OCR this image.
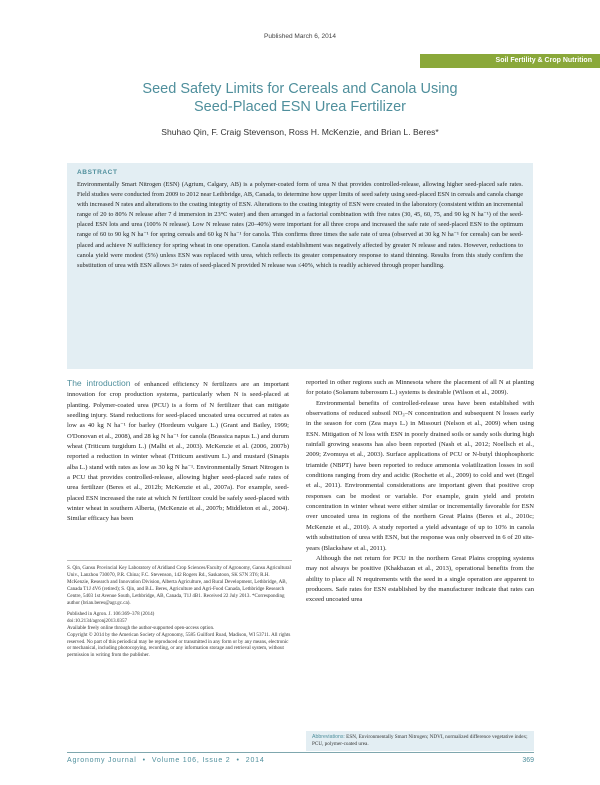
Published March 6, 2014
Soil Fertility & Crop Nutrition
Seed Safety Limits for Cereals and Canola Using
Seed-Placed ESN Urea Fertilizer
Shuhao Qin, F. Craig Stevenson, Ross H. McKenzie, and Brian L. Beres*
ABSTRACT
Environmentally Smart Nitrogen (ESN) (Agrium, Calgary, AB) is a polymer-coated form of urea N that provides controlled-release, allowing higher seed-placed safe rates. Field studies were conducted from 2009 to 2012 near Lethbridge, AB, Canada, to determine how upper limits of seed safety using seed-placed ESN in cereals and canola change with increased N rates and alterations to the coating integrity of ESN. Alterations to the coating integrity of ESN were created in the laboratory (consistent within an incremental range of 20 to 80% N release after 7 d immersion in 23°C water) and then arranged in a factorial combination with five rates (30, 45, 60, 75, and 90 kg N ha⁻¹) of the seed-placed ESN lots and urea (100% N release). Low N release rates (20–40%) were important for all three crops and increased the safe rate of seed-placed ESN to the optimum range of 60 to 90 kg N ha⁻¹ for spring cereals and 60 kg N ha⁻¹ for canola. This confirms three times the safe rate of urea (observed at 30 kg N ha⁻¹ for cereals) can be seed-placed and achieve N sufficiency for spring wheat in one operation. Canola stand establishment was negatively affected by greater N release and rates. However, reductions to canola yield were modest (5%) unless ESN was replaced with urea, which reflects its greater compensatory response to stand thinning. Results from this study confirm the substitution of urea with ESN allows 3× rates of seed-placed N provided N release was ≤40%, which is readily achieved through proper handling.

The introduction of enhanced efficiency N fertilizers are an important innovation for crop production systems, particularly when N is seed-placed at planting. Polymer-coated urea (PCU) is a form of N fertilizer that can mitigate seedling injury. Stand reductions for seed-placed uncoated urea occurred at rates as low as 40 kg N ha⁻¹ for barley (Hordeum vulgare L.) (Grant and Bailey, 1999; O'Donovan et al., 2008), and 28 kg N ha⁻¹ for canola (Brassica napus L.) and durum wheat (Triticum turgidum L.) (Malhi et al., 2003). McKenzie et al. (2006, 2007b) reported a reduction in winter wheat (Triticum aestivum L.) and mustard (Sinapis alba L.) stand with rates as low as 30 kg N ha⁻¹. Environmentally Smart Nitrogen is a PCU that provides controlled-release, allowing higher seed-placed safe rates of urea fertilizer (Beres et al., 2012b; McKenzie et al., 2007a). For example, seed-placed ESN increased the rate at which N fertilizer could be safely seed-placed with winter wheat in southern Alberta, (McKenzie et al., 2007b; Middleton et al., 2004). Similar efficacy has been

reported in other regions such as Minnesota where the placement of all N at planting for potato (Solanum tuberosum L.) systems is desirable (Wilson et al., 2009).

Environmental benefits of controlled-release urea have been established with observations of reduced subsoil NO₃–N concentration and subsequent N losses early in the season for corn (Zea mays L.) in Missouri (Nelson et al., 2009) when using ESN. Mitigation of N loss with ESN in poorly drained soils or sandy soils during high rainfall growing seasons has also been reported (Nash et al., 2012; Noellsch et al., 2009; Zvomuya et al., 2003). Surface applications of PCU or N-butyl thiophosphoric triamide (NBPT) have been reported to reduce ammonia volatilization losses in soil conditions ranging from dry and acidic (Rochette et al., 2009) to cold and wet (Engel et al., 2011). Environmental considerations are important given that positive crop responses can be modest or variable. For example, grain yield and protein concentration in winter wheat were either similar or incrementally favorable for ESN over uncoated urea in regions of the northern Great Plains (Beres et al., 2010c; McKenzie et al., 2010). A study reported a yield advantage of up to 10% in canola with substitution of urea with ESN, but the response was only observed in 6 of 20 site-years (Blackshaw et al., 2011).

Although the net return for PCU in the northern Great Plains cropping systems may not always be positive (Khakbazan et al., 2013), operational benefits from the ability to place all N requirements with the seed in a single operation are apparent to producers. Safe rates for ESN established by the manufacturer indicate that rates can exceed uncoated urea

S. Qin, Gansu Provincial Key Laboratory of Aridland Crop Sciences/Faculty of Agronomy, Gansu Agricultural Univ., Lanzhou 730070, P.R. China; F.C. Stevenson, 142 Rogers Rd., Saskatoon, SK S7N 3T6; R.H. McKenzie, Research and Innovation Division, Alberta Agriculture, and Rural Development, Lethbridge, AB, Canada T1J 4V6 (retired); S. Qin, and B.L. Beres, Agriculture and Agri-Food Canada, Lethbridge Research Centre, 5403 1st Avenue South, Lethbridge, AB, Canada, T1J 4B1. Received 22 July 2013. *Corresponding author (brian.beres@agr.gc.ca).
Published in Agron. J. 106:369–378 (2014)
doi:10.2134/agronj2013.0357
Available freely online through the author-supported open-access option.
Copyright © 2014 by the American Society of Agronomy, 5585 Guilford Road, Madison, WI 53711. All rights reserved. No part of this periodical may be reproduced or transmitted in any form or by any means, electronic or mechanical, including photocopying, recording, or any information storage and retrieval system, without permission in writing from the publisher.
Abbreviations: ESN, Environmentally Smart Nitrogen; NDVI, normalized difference vegetative index; PCU, polymer-coated urea.
Agronomy Journal • Volume 106, Issue 2 • 2014	369
